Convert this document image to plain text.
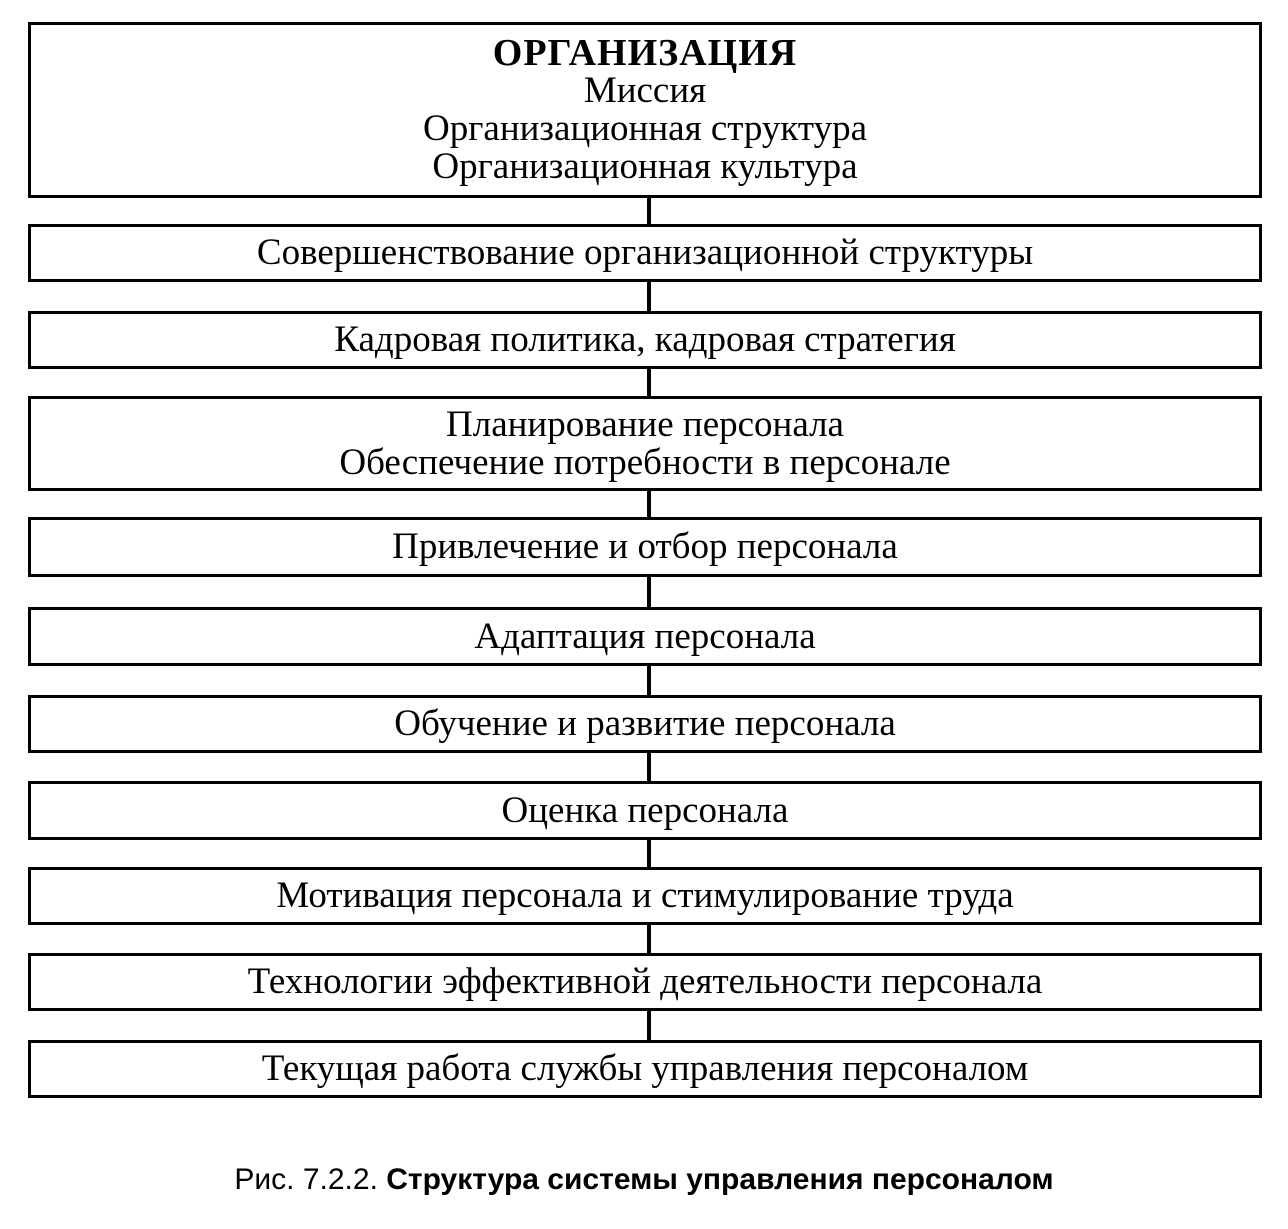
ОРГАНИЗАЦИЯ
Миссия
Организационная структура
Организационная культура
Совершенствование организационной структуры
Кадровая политика, кадровая стратегия
Планирование персонала
Обеспечение потребности в персонале
Привлечение и отбор персонала
Адаптация персонала
Обучение и развитие персонала
Оценка персонала
Мотивация персонала и стимулирование труда
Технологии эффективной деятельности персонала
Текущая работа службы управления персоналом
Рис. 7.2.2. Структура системы управления персоналом
